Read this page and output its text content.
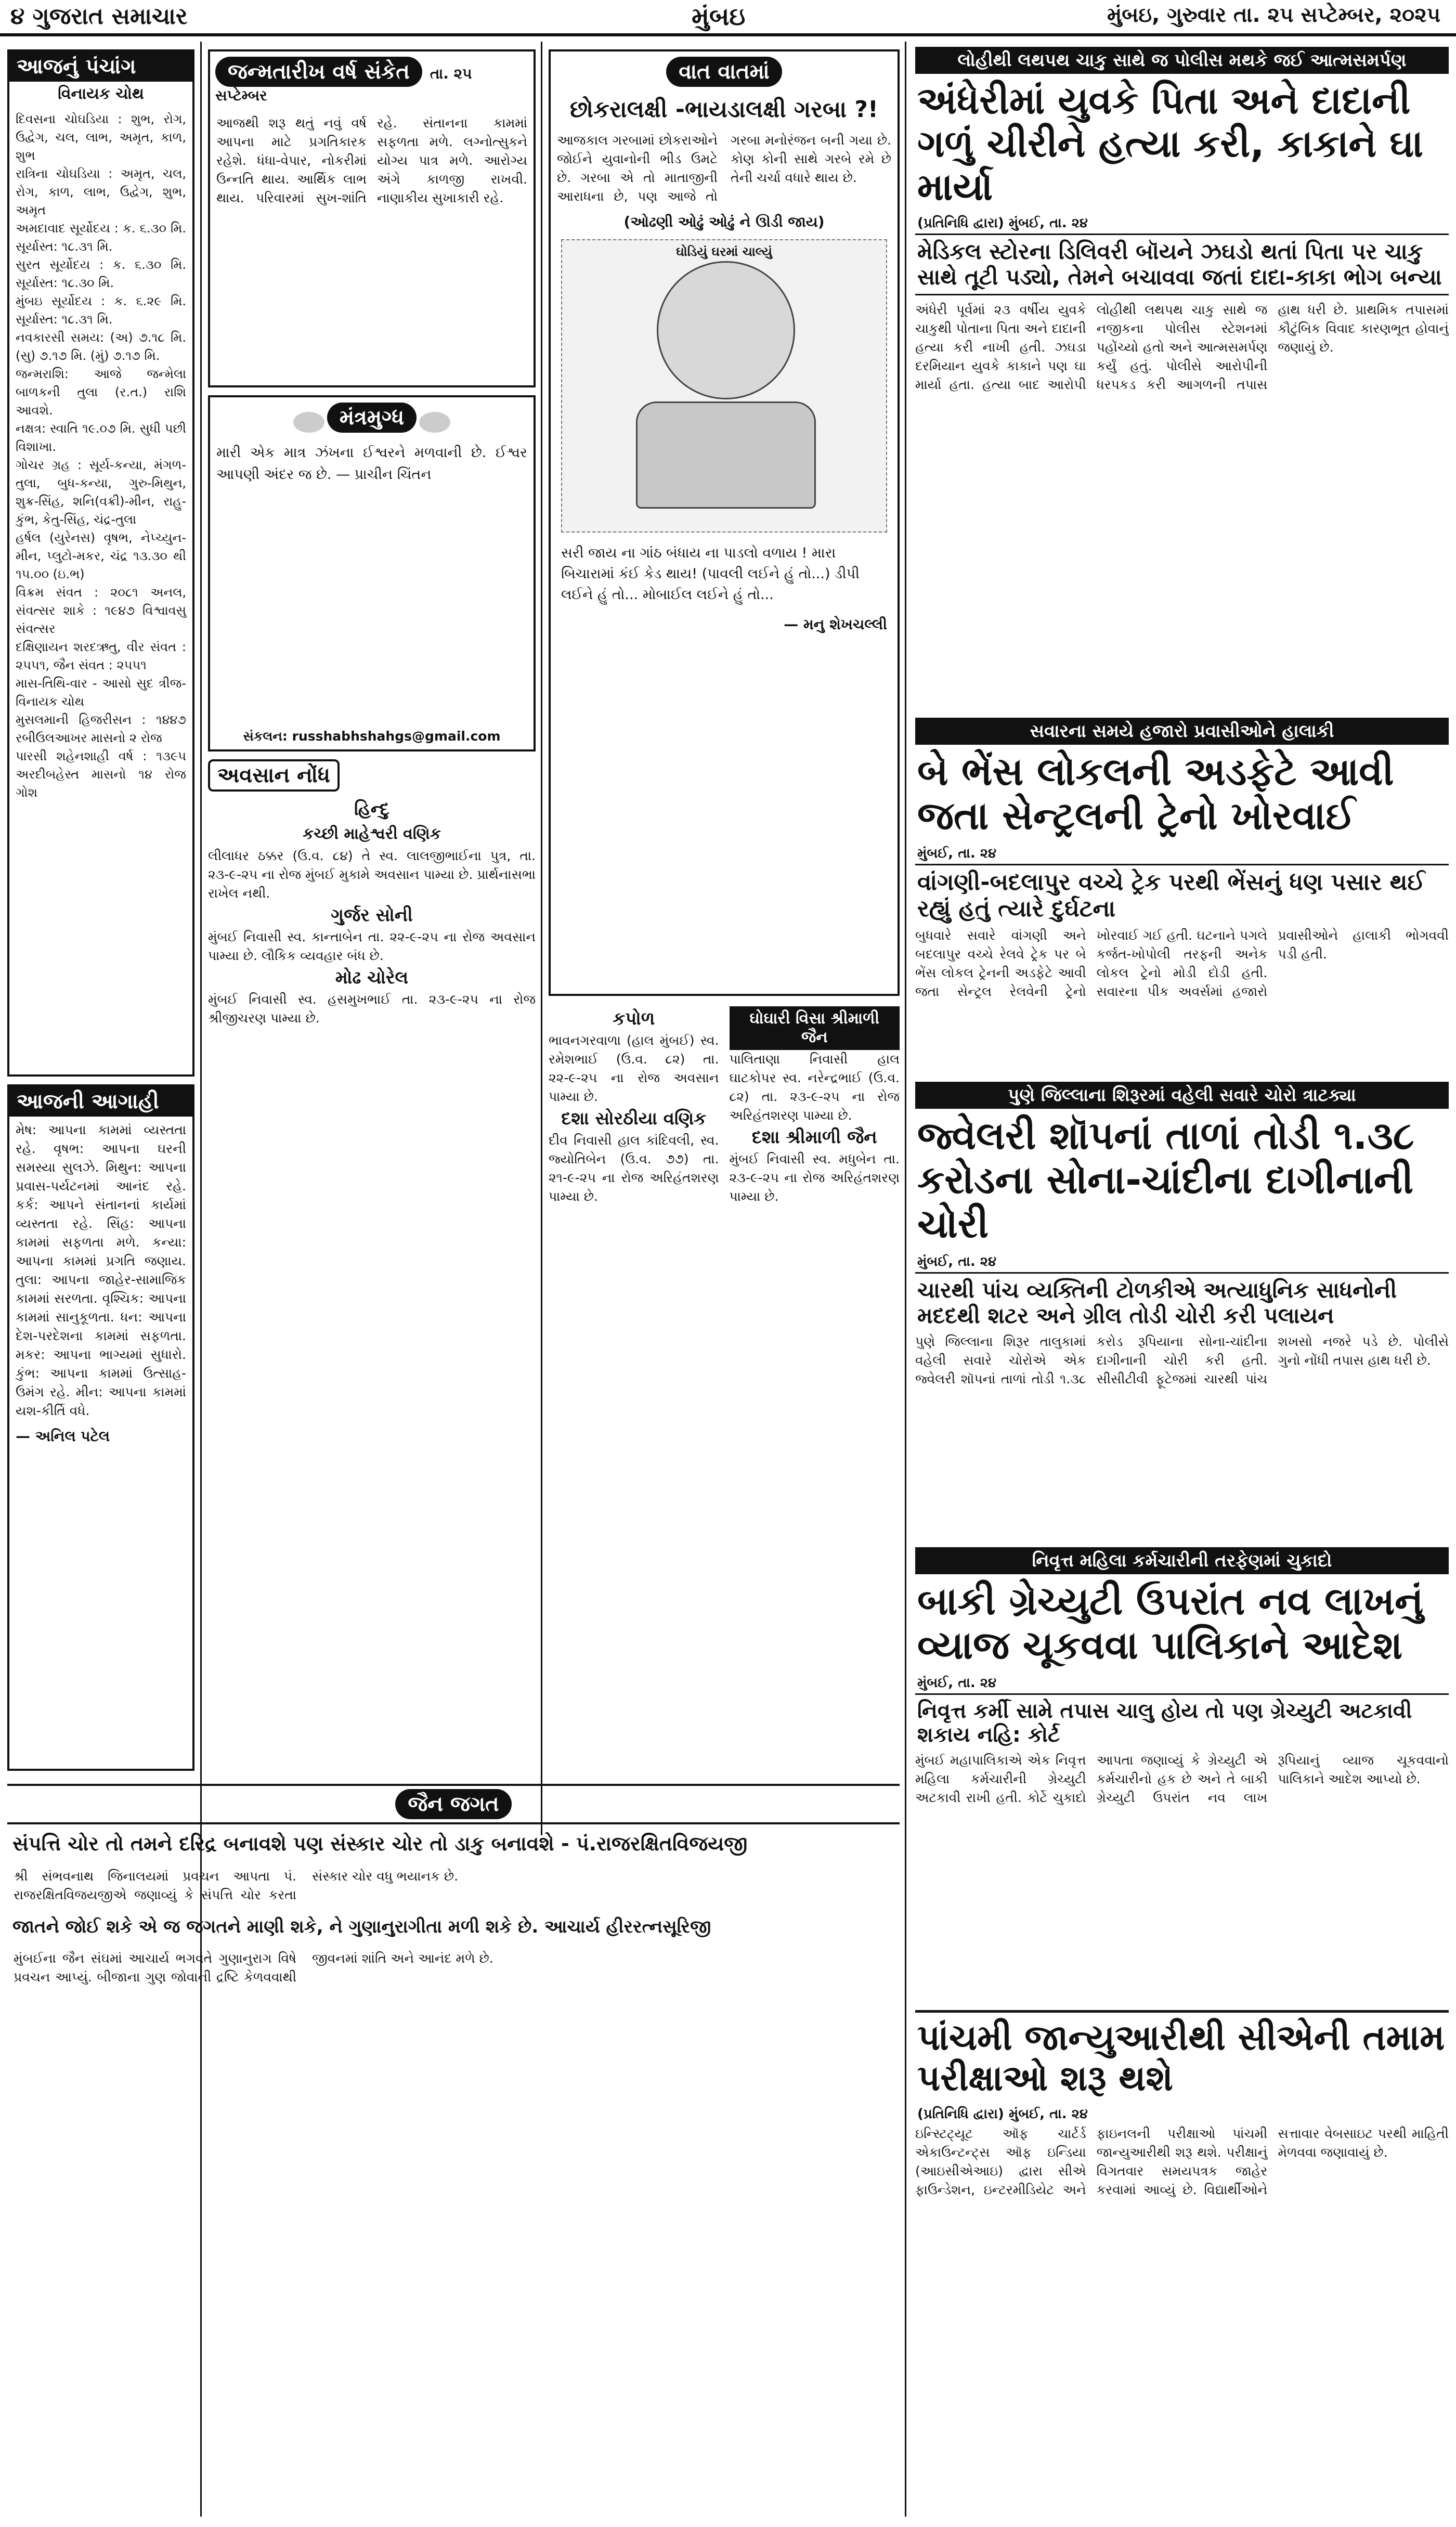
૪ ગુજરાત સમાચાર	મુંબઇ	મુંબઇ, ગુરુવાર તા. ૨૫ સપ્ટેમ્બર, ૨૦૨૫
આજનું પંચાંગ
વિનાયક ચોથ
દિવસના ચોઘડિયા : શુભ, રોગ, ઉદ્વેગ, ચલ, લાભ, અમૃત, કાળ, શુભ
રાત્રિના ચોઘડિયા : અમૃત, ચલ, રોગ, કાળ, લાભ, ઉદ્વેગ, શુભ, અમૃત
અમદાવાદ સૂર્યોદય : ક. ૬.૩૦ મિ. સૂર્યાસ્ત: ૧૮.૩૧ મિ.
સુરત સૂર્યોદય : ક. ૬.૩૦ મિ. સૂર્યાસ્ત: ૧૮.૩૦ મિ.
મુંબઇ સૂર્યોદય : ક. ૬.૨૯ મિ. સૂર્યાસ્ત: ૧૮.૩૧ મિ.
નવકારસી સમય: (અ) ૭.૧૮ મિ. (સુ) ૭.૧૭ મિ. (મું) ૭.૧૭ મિ.
જન્મરાશિ: આજે જન્મેલા બાળકની તુલા (ર.ત.) રાશિ આવશે.
નક્ષત્ર: સ્વાતિ ૧૯.૦૭ મિ. સુધી પછી વિશાખા.
ગોચર ગ્રહ : સૂર્ય-કન્યા, મંગળ-તુલા, બુધ-કન્યા, ગુરુ-મિથુન, શુક્ર-સિંહ, શનિ(વક્રી)-મીન, રાહુ-કુંભ, કેતુ-સિંહ, ચંદ્ર-તુલા
હર્ષલ (યુરેનસ) વૃષભ, નેપ્ચ્યુન-મીન, પ્લુટો-મકર, ચંદ્ર ૧૩.૩૦ થી ૧૫.૦૦ (ઇ.ભ)
વિક્રમ સંવત : ૨૦૮૧ અનલ, સંવત્સર શાકે : ૧૯૪૭ વિશ્વાવસુ સંવત્સર
દક્ષિણાયન શરદઋતુ, વીર સંવત : ૨૫૫૧, જૈન સંવત : ૨૫૫૧
માસ-તિથિ-વાર - આસો સુદ ત્રીજ-વિનાયક ચોથ
મુસલમાની હિજરીસન : ૧૪૪૭ રબીઉલઆખર માસનો ૨ રોજ
પારસી શહેનશાહી વર્ષ : ૧૩૯૫ અરદીબહેસ્ત માસનો ૧૪ રોજ ગોશ
આજની આગાહી
મેષ: આપના કામમાં વ્યસ્તતા રહે. વૃષભ: આપના ઘરની સમસ્યા સુલઝે. મિથુન: આપના પ્રવાસ-પર્યટનમાં આનંદ રહે. કર્ક: આપને સંતાનનાં કાર્યમાં વ્યસ્તતા રહે. સિંહ: આપના કામમાં સફળતા મળે. કન્યા: આપના કામમાં પ્રગતિ જણાય. તુલા: આપના જાહેર-સામાજિક કામમાં સરળતા. વૃશ્ચિક: આપના કામમાં સાનુકૂળતા. ધન: આપના દેશ-પરદેશના કામમાં સફળતા. મકર: આપના ભાગ્યમાં સુધારો. કુંભ: આપના કામમાં ઉત્સાહ-ઉમંગ રહે. મીન: આપના કામમાં યશ-કીર્તિ વધે.
— અનિલ પટેલ
જન્મતારીખ વર્ષ સંકેત તા. ૨૫ સપ્ટેમ્બર
આજથી શરૂ થતું નવું વર્ષ આપના માટે પ્રગતિકારક રહેશે. ધંધા-વેપાર, નોકરીમાં ઉન્નતિ થાય. આર્થિક લાભ થાય. પરિવારમાં સુખ-શાંતિ રહે. સંતાનના કામમાં સફળતા મળે. લગ્નોત્સુકને યોગ્ય પાત્ર મળે. આરોગ્ય અંગે કાળજી રાખવી. નાણાકીય સુખાકારી રહે.
મંત્રમુગ્ધ
મારી એક માત્ર ઝંખના ઈશ્વરને મળવાની છે. ઈશ્વર આપણી અંદર જ છે. — પ્રાચીન ચિંતન
સંકલન: russhabhshahgs@gmail.com
અવસાન નોંધ
હિન્દુ
કચ્છી માહેશ્વરી વણિક
લીલાધર ઠક્કર (ઉ.વ. ૮૪) તે સ્વ. લાલજીભાઈના પુત્ર, તા. ૨૩-૯-૨૫ ના રોજ મુંબઈ મુકામે અવસાન પામ્યા છે. પ્રાર્થનાસભા રાખેલ નથી.
ગુર્જર સોની
મુંબઈ નિવાસી સ્વ. કાન્તાબેન તા. ૨૨-૯-૨૫ ના રોજ અવસાન પામ્યા છે. લૌકિક વ્યવહાર બંધ છે.
મોઢ ચોરેલ
મુંબઈ નિવાસી સ્વ. હસમુખભાઈ તા. ૨૩-૯-૨૫ ના રોજ શ્રીજીચરણ પામ્યા છે.
વાત વાતમાં
છોકરાલક્ષી -ભાયડાલક્ષી ગરબા ?!
આજકાલ ગરબામાં છોકરાઓને જોઈને યુવાનોની ભીડ ઉમટે છે. ગરબા એ તો માતાજીની આરાધના છે, પણ આજે તો ગરબા મનોરંજન બની ગયા છે. કોણ કોની સાથે ગરબે રમે છે તેની ચર્ચા વધારે થાય છે.
(ઓઢણી ઓઢું ઓઢું ને ઊડી જાય)
ઘોડિયું ઘરમાં ચાલ્યું
સરી જાય ના ગાંઠ બંધાય ના પાડલો વળાય ! મારા બિચારામાં કંઈ કેડ થાય! (પાવલી લઈને હું તો...) ડીપી લઈને હું તો... મોબાઈલ લઈને હું તો...
— મનુ શેખચલ્લી
કપોળ
ભાવનગરવાળા (હાલ મુંબઈ) સ્વ. રમેશભાઈ (ઉ.વ. ૮૨) તા. ૨૨-૯-૨૫ ના રોજ અવસાન પામ્યા છે.
દશા સોરઠીયા વણિક
દીવ નિવાસી હાલ કાંદિવલી, સ્વ. જ્યોતિબેન (ઉ.વ. ૭૭) તા. ૨૧-૯-૨૫ ના રોજ અરિહંતશરણ પામ્યા છે.
ઘોઘારી વિસા શ્રીમાળી જૈન
પાલિતાણા નિવાસી હાલ ઘાટકોપર સ્વ. નરેન્દ્રભાઈ (ઉ.વ. ૮૨) તા. ૨૩-૯-૨૫ ના રોજ અરિહંતશરણ પામ્યા છે.
દશા શ્રીમાળી જૈન
મુંબઈ નિવાસી સ્વ. મધુબેન તા. ૨૩-૯-૨૫ ના રોજ અરિહંતશરણ પામ્યા છે.
જૈન જગત
સંપત્તિ ચોર તો તમને દરિદ્ર બનાવશે પણ સંસ્કાર ચોર તો ડાકુ બનાવશે - પં.રાજરક્ષિતવિજયજી
શ્રી સંભવનાથ જિનાલયમાં પ્રવચન આપતા પં. રાજરક્ષિતવિજયજીએ જણાવ્યું કે સંપત્તિ ચોર કરતા સંસ્કાર ચોર વધુ ભયાનક છે.
જાતને જોઈ શકે એ જ જગતને માણી શકે, ને ગુણાનુરાગીતા મળી શકે છે. આચાર્ય હીરરત્નસૂરિજી
મુંબઈના જૈન સંઘમાં આચાર્ય ભગવંતે ગુણાનુરાગ વિષે પ્રવચન આપ્યું. બીજાના ગુણ જોવાની દ્રષ્ટિ કેળવવાથી જીવનમાં શાંતિ અને આનંદ મળે છે.
લોહીથી લથપથ ચાકુ સાથે જ પોલીસ મથકે જઈ આત્મસમર્પણ
અંધેરીમાં યુવકે પિતા અને દાદાની ગળું ચીરીને હત્યા કરી, કાકાને ઘા માર્યા
(પ્રતિનિધિ દ્વારા) મુંબઈ, તા. ૨૪
મેડિકલ સ્ટોરના ડિલિવરી બૉયને ઝઘડો થતાં પિતા પર ચાકુ સાથે તૂટી પડ્યો, તેમને બચાવવા જતાં દાદા-કાકા ભોગ બન્યા
અંધેરી પૂર્વમાં ૨૩ વર્ષીય યુવકે ચાકુથી પોતાના પિતા અને દાદાની હત્યા કરી નાખી હતી. ઝઘડા દરમિયાન યુવકે કાકાને પણ ઘા માર્યા હતા. હત્યા બાદ આરોપી લોહીથી લથપથ ચાકુ સાથે જ નજીકના પોલીસ સ્ટેશનમાં પહોંચ્યો હતો અને આત્મસમર્પણ કર્યું હતું. પોલીસે આરોપીની ધરપકડ કરી આગળની તપાસ હાથ ધરી છે. પ્રાથમિક તપાસમાં કૌટુંબિક વિવાદ કારણભૂત હોવાનું જણાયું છે.
સવારના સમયે હજારો પ્રવાસીઓને હાલાકી
બે ભેંસ લોકલની અડફેટે આવી જતા સેન્ટ્રલની ટ્રેનો ખોરવાઈ
મુંબઈ, તા. ૨૪
વાંગણી-બદલાપુર વચ્ચે ટ્રેક પરથી ભેંસનું ધણ પસાર થઈ રહ્યું હતું ત્યારે દુર્ઘટના
બુધવારે સવારે વાંગણી અને બદલાપુર વચ્ચે રેલવે ટ્રેક પર બે ભેંસ લોકલ ટ્રેનની અડફેટે આવી જતા સેન્ટ્રલ રેલવેની ટ્રેનો ખોરવાઈ ગઈ હતી. ઘટનાને પગલે કર્જત-ખોપોલી તરફની અનેક લોકલ ટ્રેનો મોડી દોડી હતી. સવારના પીક અવર્સમાં હજારો પ્રવાસીઓને હાલાકી ભોગવવી પડી હતી.
પુણે જિલ્લાના શિરૂરમાં વહેલી સવારે ચોરો ત્રાટક્યા
જ્વેલરી શૉપનાં તાળાં તોડી ૧.૩૮ કરોડના સોના-ચાંદીના દાગીનાની ચોરી
મુંબઈ, તા. ૨૪
ચારથી પાંચ વ્યક્તિની ટોળકીએ અત્યાધુનિક સાધનોની મદદથી શટર અને ગ્રીલ તોડી ચોરી કરી પલાયન
પુણે જિલ્લાના શિરૂર તાલુકામાં વહેલી સવારે ચોરોએ એક જ્વેલરી શૉપનાં તાળાં તોડી ૧.૩૮ કરોડ રૂપિયાના સોના-ચાંદીના દાગીનાની ચોરી કરી હતી. સીસીટીવી ફૂટેજમાં ચારથી પાંચ શખસો નજરે પડે છે. પોલીસે ગુનો નોંધી તપાસ હાથ ધરી છે.
નિવૃત્ત મહિલા કર્મચારીની તરફેણમાં ચુકાદો
બાકી ગ્રેચ્યુટી ઉપરાંત નવ લાખનું વ્યાજ ચૂકવવા પાલિકાને આદેશ
મુંબઈ, તા. ૨૪
નિવૃત્ત કર્મી સામે તપાસ ચાલુ હોય તો પણ ગ્રેચ્યુટી અટકાવી શકાય નહિ: કોર્ટ
મુંબઈ મહાપાલિકાએ એક નિવૃત્ત મહિલા કર્મચારીની ગ્રેચ્યુટી અટકાવી રાખી હતી. કોર્ટે ચુકાદો આપતા જણાવ્યું કે ગ્રેચ્યુટી એ કર્મચારીનો હક છે અને તે બાકી ગ્રેચ્યુટી ઉપરાંત નવ લાખ રૂપિયાનું વ્યાજ ચૂકવવાનો પાલિકાને આદેશ આપ્યો છે.
પાંચમી જાન્યુઆરીથી સીએની તમામ પરીક્ષાઓ શરૂ થશે
(પ્રતિનિધિ દ્વારા) મુંબઈ, તા. ૨૪
ઇન્સ્ટિટ્યૂટ ઑફ ચાર્ટર્ડ એકાઉન્ટન્ટ્સ ઑફ ઇન્ડિયા (આઇસીએઆઇ) દ્વારા સીએ ફાઉન્ડેશન, ઇન્ટરમીડિયેટ અને ફાઇનલની પરીક્ષાઓ પાંચમી જાન્યુઆરીથી શરૂ થશે. પરીક્ષાનું વિગતવાર સમયપત્રક જાહેર કરવામાં આવ્યું છે. વિદ્યાર્થીઓને સત્તાવાર વેબસાઇટ પરથી માહિતી મેળવવા જણાવાયું છે.
